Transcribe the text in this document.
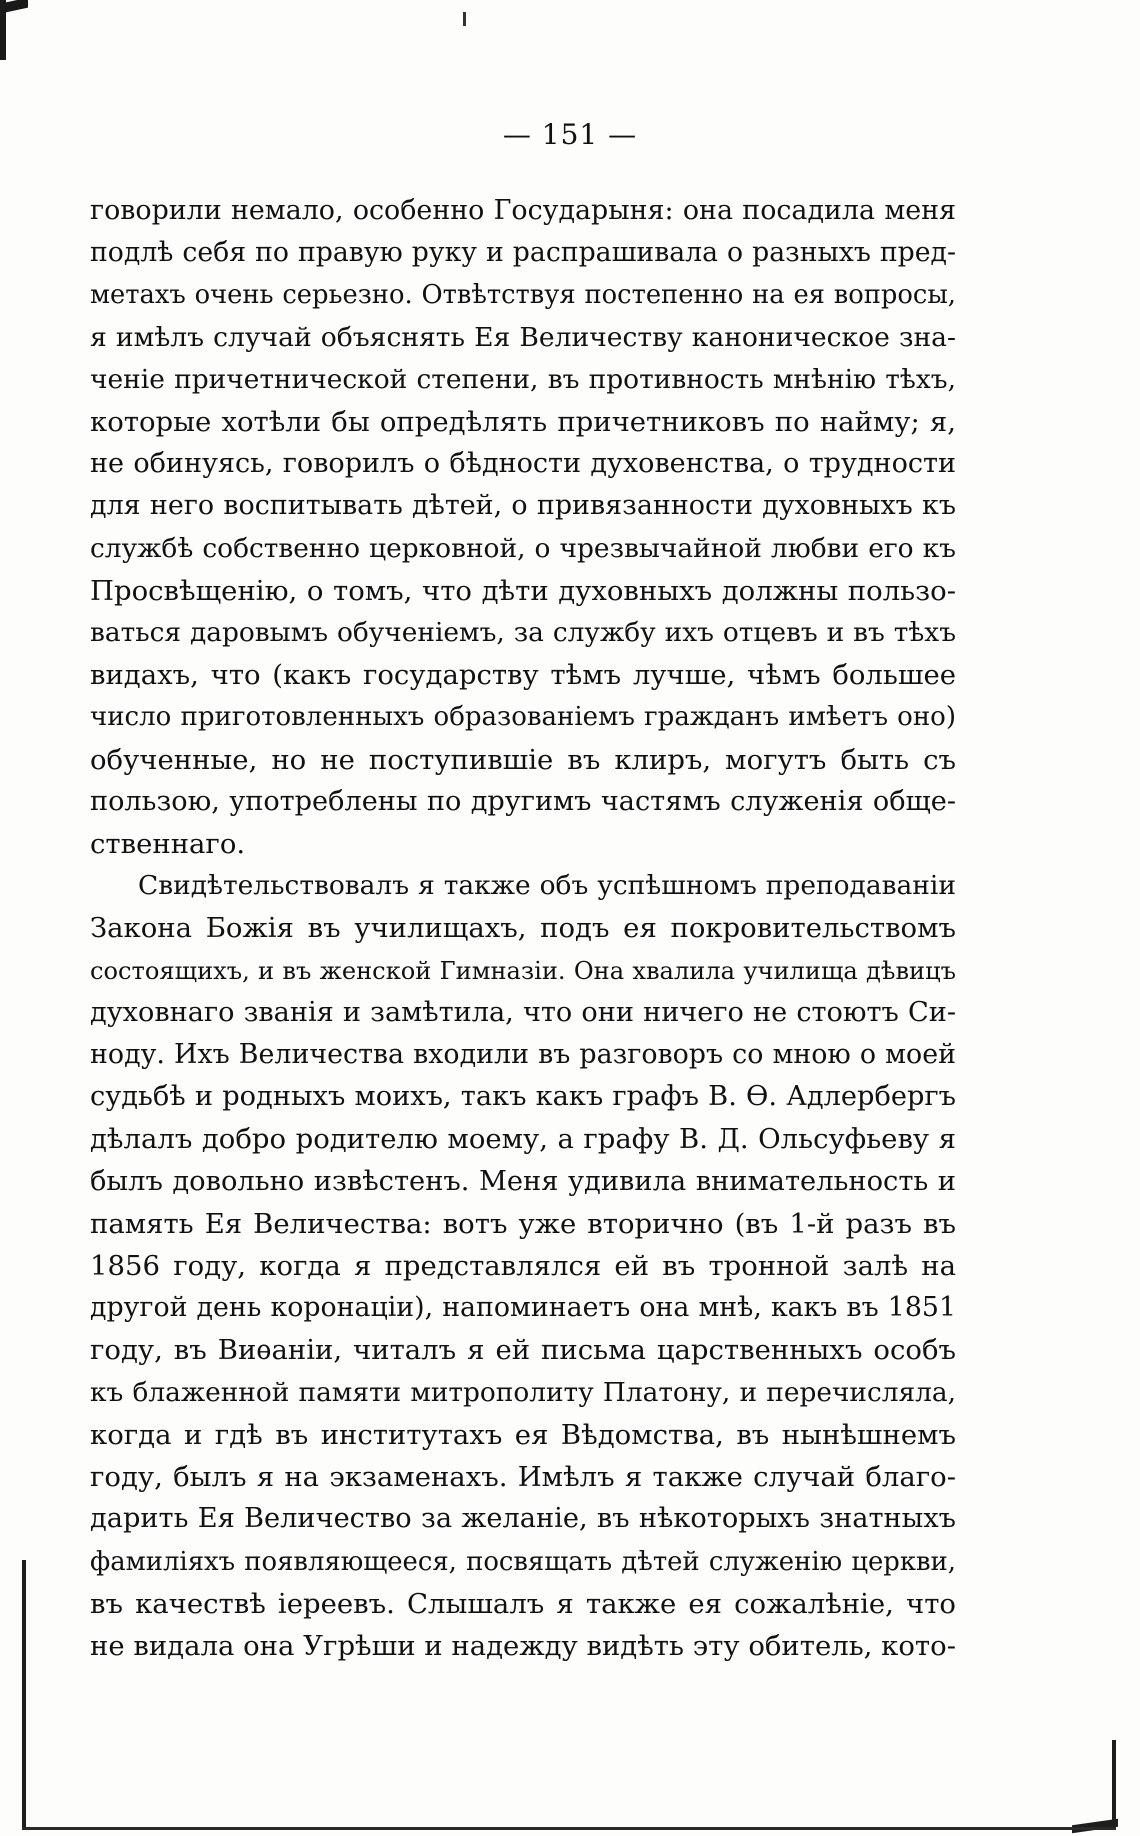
— 151 —
говорили немало, особенно Государыня: она посадила меня
подлѣ себя по правую руку и распрашивала о разныхъ пред-
метахъ очень серьезно. Отвѣтствуя постепенно на ея вопросы,
я имѣлъ случай объяснять Ея Величеству каноническое зна-
ченіе причетнической степени, въ противность мнѣнію тѣхъ,
которые хотѣли бы опредѣлять причетниковъ по найму; я,
не обинуясь, говорилъ о бѣдности духовенства, о трудности
для него воспитывать дѣтей, о привязанности духовныхъ къ
службѣ собственно церковной, о чрезвычайной любви его къ
Просвѣщенію, о томъ, что дѣти духовныхъ должны пользо-
ваться даровымъ обученіемъ, за службу ихъ отцевъ и въ тѣхъ
видахъ, что (какъ государству тѣмъ лучше, чѣмъ большее
число приготовленныхъ образованіемъ гражданъ имѣетъ оно)
обученные, но не поступившіе въ клиръ, могутъ быть съ
пользою, употреблены по другимъ частямъ служенія обще-
ственнаго.
Свидѣтельствовалъ я также объ успѣшномъ преподаваніи
Закона Божія въ училищахъ, подъ ея покровительствомъ
состоящихъ, и въ женской Гимназіи. Она хвалила училища дѣвицъ
духовнаго званія и замѣтила, что они ничего не стоютъ Си-
ноду. Ихъ Величества входили въ разговоръ со мною о моей
судьбѣ и родныхъ моихъ, такъ какъ графъ В. Ѳ. Адлербергъ
дѣлалъ добро родителю моему, а графу В. Д. Ольсуфьеву я
былъ довольно извѣстенъ. Меня удивила внимательность и
память Ея Величества: вотъ уже вторично (въ 1-й разъ въ
1856 году, когда я представлялся ей въ тронной залѣ на
другой день коронаціи), напоминаетъ она мнѣ, какъ въ 1851
году, въ Виѳаніи, читалъ я ей письма царственныхъ особъ
къ блаженной памяти митрополиту Платону, и перечисляла,
когда и гдѣ въ институтахъ ея Вѣдомства, въ нынѣшнемъ
году, былъ я на экзаменахъ. Имѣлъ я также случай благо-
дарить Ея Величество за желаніе, въ нѣкоторыхъ знатныхъ
фамиліяхъ появляющееся, посвящать дѣтей служенію церкви,
въ качествѣ іереевъ. Слышалъ я также ея сожалѣніе, что
не видала она Угрѣши и надежду видѣть эту обитель, кото-
